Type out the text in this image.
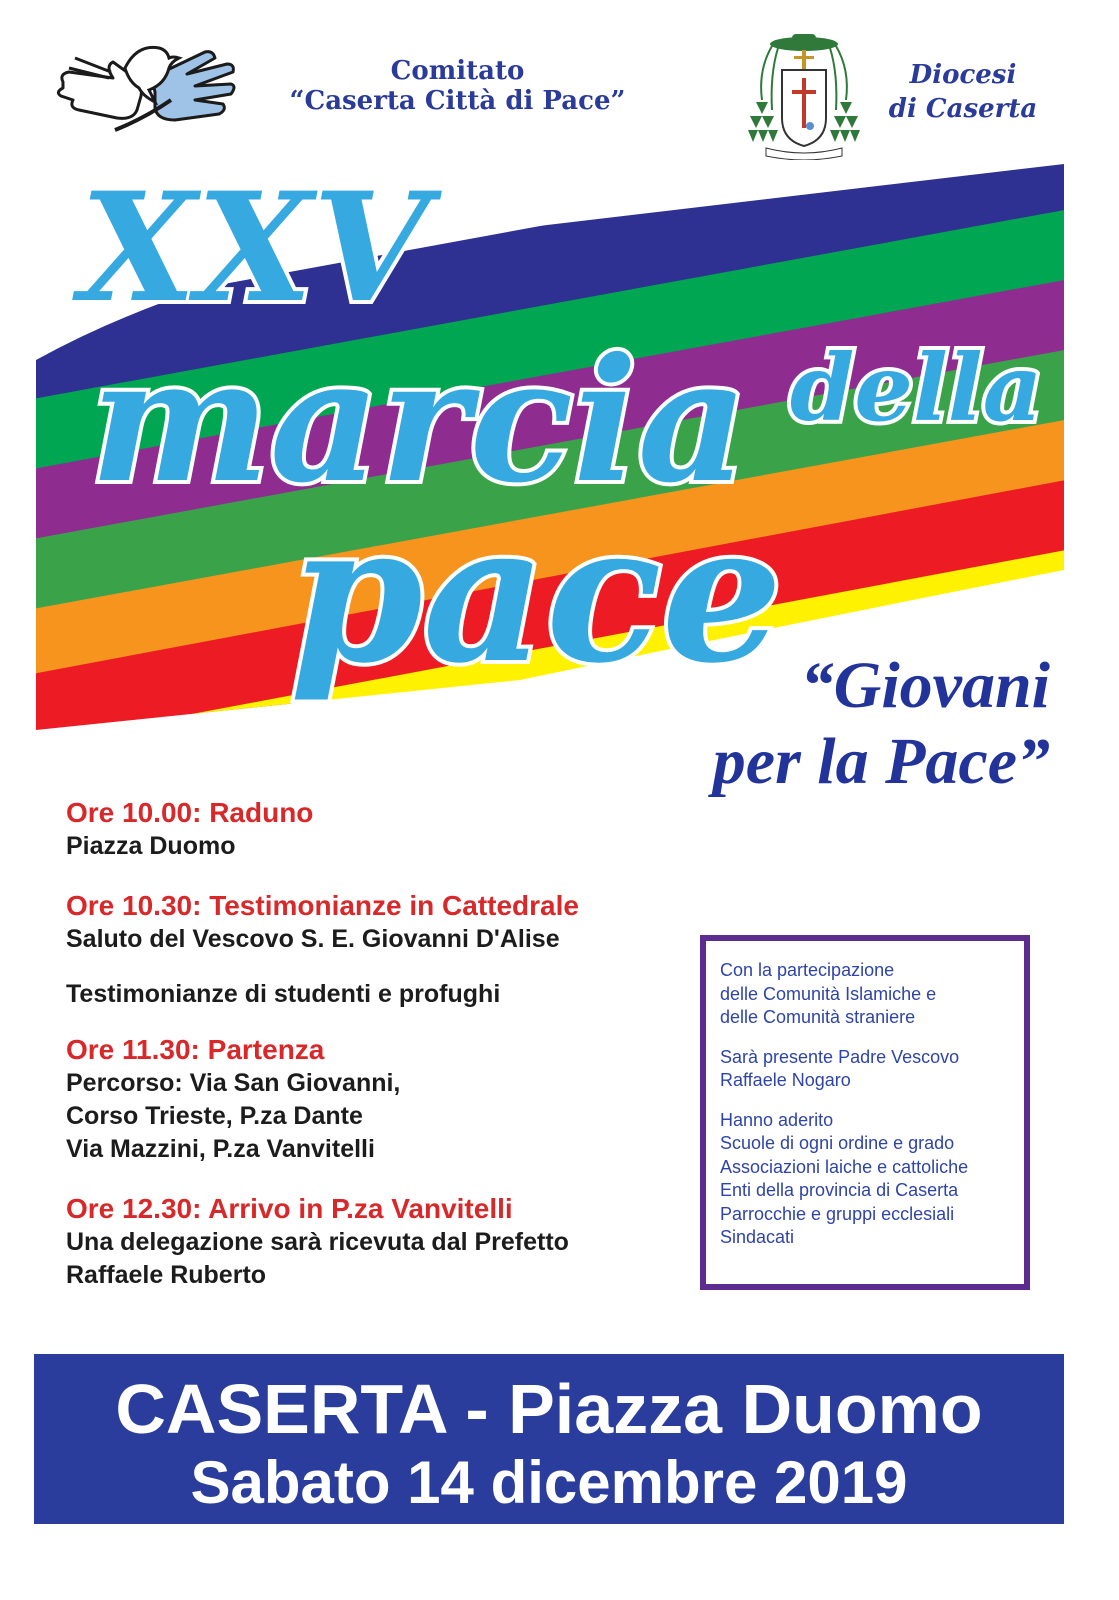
Comitato
“Caserta Città di Pace”
Diocesi
di Caserta
XXV
marcia della
pace “Giovani
per la Pace”
Ore 10.00: Raduno
Piazza Duomo
Ore 10.30: Testimonianze in Cattedrale
Saluto del Vescovo S. E. Giovanni D'Alise
Testimonianze di studenti e profughi
Ore 11.30: Partenza
Percorso: Via San Giovanni,
Corso Trieste, P.za Dante
Via Mazzini, P.za Vanvitelli
Ore 12.30: Arrivo in P.za Vanvitelli
Una delegazione sarà ricevuta dal Prefetto
Raffaele Ruberto
Con la partecipazione
delle Comunità Islamiche e
delle Comunità straniere
Sarà presente Padre Vescovo
Raffaele Nogaro
Hanno aderito
Scuole di ogni ordine e grado
Associazioni laiche e cattoliche
Enti della provincia di Caserta
Parrocchie e gruppi ecclesiali
Sindacati
CASERTA - Piazza Duomo
Sabato 14 dicembre 2019
